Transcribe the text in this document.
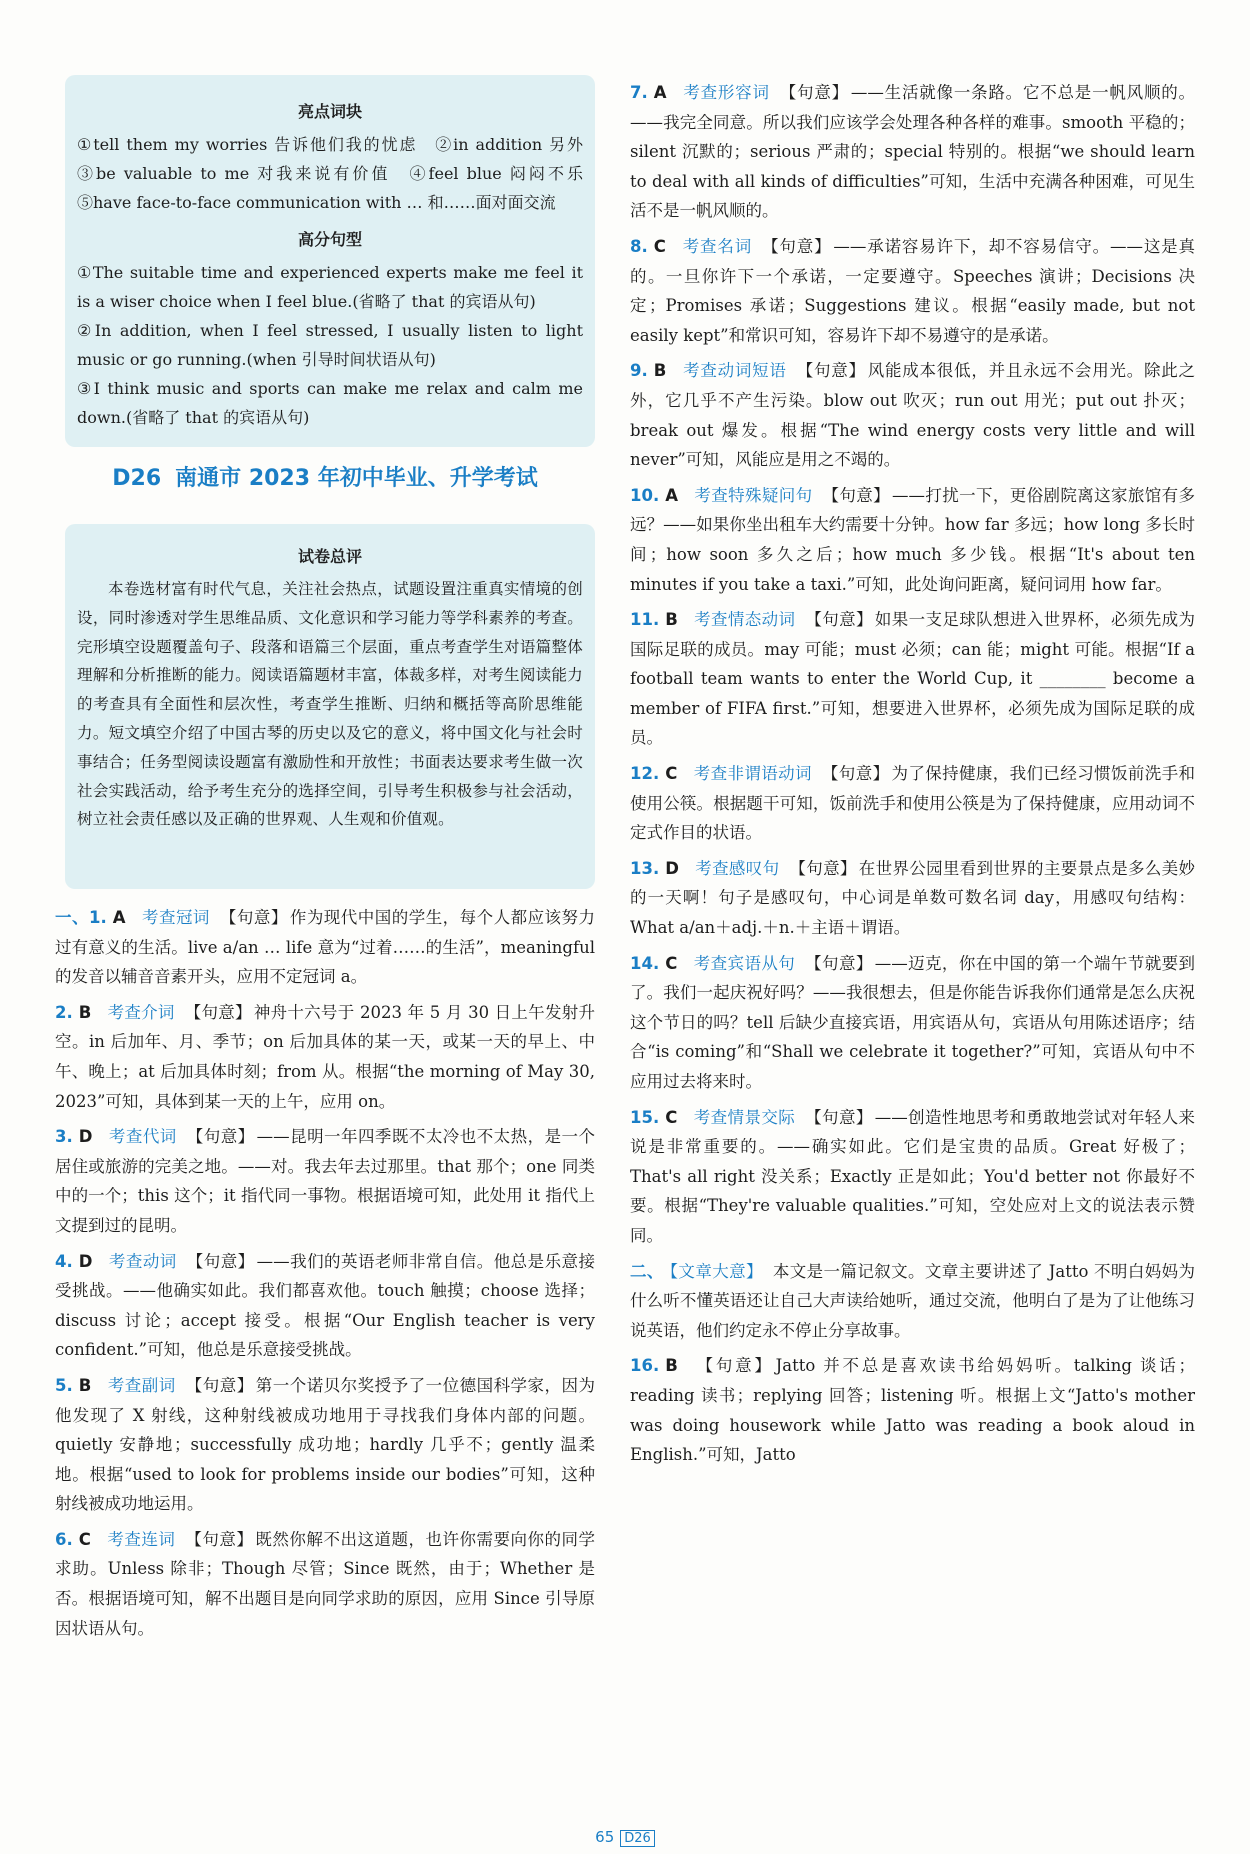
亮点词块

①tell them my worries 告诉他们我的忧虑　②in addition 另外　③be valuable to me 对我来说有价值　④feel blue 闷闷不乐　⑤have face-to-face communication with … 和……面对面交流

高分句型

①The suitable time and experienced experts make me feel it is a wiser choice when I feel blue.(省略了 that 的宾语从句)

②In addition, when I feel stressed, I usually listen to light music or go running.(when 引导时间状语从句)

③I think music and sports can make me relax and calm me down.(省略了 that 的宾语从句)

D26 南通市 2023 年初中毕业、升学考试
试卷总评

本卷选材富有时代气息，关注社会热点，试题设置注重真实情境的创设，同时渗透对学生思维品质、文化意识和学习能力等学科素养的考查。完形填空设题覆盖句子、段落和语篇三个层面，重点考查学生对语篇整体理解和分析推断的能力。阅读语篇题材丰富，体裁多样，对考生阅读能力的考查具有全面性和层次性，考查学生推断、归纳和概括等高阶思维能力。短文填空介绍了中国古琴的历史以及它的意义，将中国文化与社会时事结合；任务型阅读设题富有激励性和开放性；书面表达要求考生做一次社会实践活动，给予考生充分的选择空间，引导考生积极参与社会活动，树立社会责任感以及正确的世界观、人生观和价值观。

一、1. A 考查冠词 【句意】 作为现代中国的学生，每个人都应该努力过有意义的生活。live a/an … life 意为“过着……的生活”，meaningful 的发音以辅音音素开头，应用不定冠词 a。

2. B 考查介词 【句意】 神舟十六号于 2023 年 5 月 30 日上午发射升空。in 后加年、月、季节；on 后加具体的某一天，或某一天的早上、中午、晚上；at 后加具体时刻；from 从。根据“the morning of May 30, 2023”可知，具体到某一天的上午，应用 on。

3. D 考查代词 【句意】 ——昆明一年四季既不太冷也不太热，是一个居住或旅游的完美之地。——对。我去年去过那里。that 那个；one 同类中的一个；this 这个；it 指代同一事物。根据语境可知，此处用 it 指代上文提到过的昆明。

4. D 考查动词 【句意】 ——我们的英语老师非常自信。他总是乐意接受挑战。——他确实如此。我们都喜欢他。touch 触摸；choose 选择；discuss 讨论；accept 接受。根据“Our English teacher is very confident.”可知，他总是乐意接受挑战。

5. B 考查副词 【句意】 第一个诺贝尔奖授予了一位德国科学家，因为他发现了 X 射线，这种射线被成功地用于寻找我们身体内部的问题。quietly 安静地；successfully 成功地；hardly 几乎不；gently 温柔地。根据“used to look for problems inside our bodies”可知，这种射线被成功地运用。

6. C 考查连词 【句意】 既然你解不出这道题，也许你需要向你的同学求助。Unless 除非；Though 尽管；Since 既然，由于；Whether 是否。根据语境可知，解不出题目是向同学求助的原因，应用 Since 引导原因状语从句。

7. A 考查形容词 【句意】 ——生活就像一条路。它不总是一帆风顺的。——我完全同意。所以我们应该学会处理各种各样的难事。smooth 平稳的；silent 沉默的；serious 严肃的；special 特别的。根据“we should learn to deal with all kinds of difficulties”可知，生活中充满各种困难，可见生活不是一帆风顺的。

8. C 考查名词 【句意】 ——承诺容易许下，却不容易信守。——这是真的。一旦你许下一个承诺，一定要遵守。Speeches 演讲；Decisions 决定；Promises 承诺；Suggestions 建议。根据“easily made, but not easily kept”和常识可知，容易许下却不易遵守的是承诺。

9. B 考查动词短语 【句意】 风能成本很低，并且永远不会用光。除此之外，它几乎不产生污染。blow out 吹灭；run out 用光；put out 扑灭；break out 爆发。根据“The wind energy costs very little and will never”可知，风能应是用之不竭的。

10. A 考查特殊疑问句 【句意】 ——打扰一下，更俗剧院离这家旅馆有多远？——如果你坐出租车大约需要十分钟。how far 多远；how long 多长时间；how soon 多久之后；how much 多少钱。根据“It's about ten minutes if you take a taxi.”可知，此处询问距离，疑问词用 how far。

11. B 考查情态动词 【句意】 如果一支足球队想进入世界杯，必须先成为国际足联的成员。may 可能；must 必须；can 能；might 可能。根据“If a football team wants to enter the World Cup, it ________ become a member of FIFA first.”可知，想要进入世界杯，必须先成为国际足联的成员。

12. C 考查非谓语动词 【句意】 为了保持健康，我们已经习惯饭前洗手和使用公筷。根据题干可知，饭前洗手和使用公筷是为了保持健康，应用动词不定式作目的状语。

13. D 考查感叹句 【句意】 在世界公园里看到世界的主要景点是多么美妙的一天啊！句子是感叹句，中心词是单数可数名词 day，用感叹句结构：What a/an＋adj.＋n.＋主语＋谓语。

14. C 考查宾语从句 【句意】 ——迈克，你在中国的第一个端午节就要到了。我们一起庆祝好吗？——我很想去，但是你能告诉我你们通常是怎么庆祝这个节日的吗？tell 后缺少直接宾语，用宾语从句，宾语从句用陈述语序；结合“is coming”和“Shall we celebrate it together?”可知，宾语从句中不应用过去将来时。

15. C 考查情景交际 【句意】 ——创造性地思考和勇敢地尝试对年轻人来说是非常重要的。——确实如此。它们是宝贵的品质。Great 好极了；That's all right 没关系；Exactly 正是如此；You'd better not 你最好不要。根据“They're valuable qualities.”可知，空处应对上文的说法表示赞同。

二、 【文章大意】 本文是一篇记叙文。文章主要讲述了 Jatto 不明白妈妈为什么听不懂英语还让自己大声读给她听，通过交流，他明白了是为了让他练习说英语，他们约定永不停止分享故事。

16. B 【句意】 Jatto 并不总是喜欢读书给妈妈听。talking 谈话；reading 读书；replying 回答；listening 听。根据上文“Jatto's mother was doing housework while Jatto was reading a book aloud in English.”可知，Jatto

65 D26
